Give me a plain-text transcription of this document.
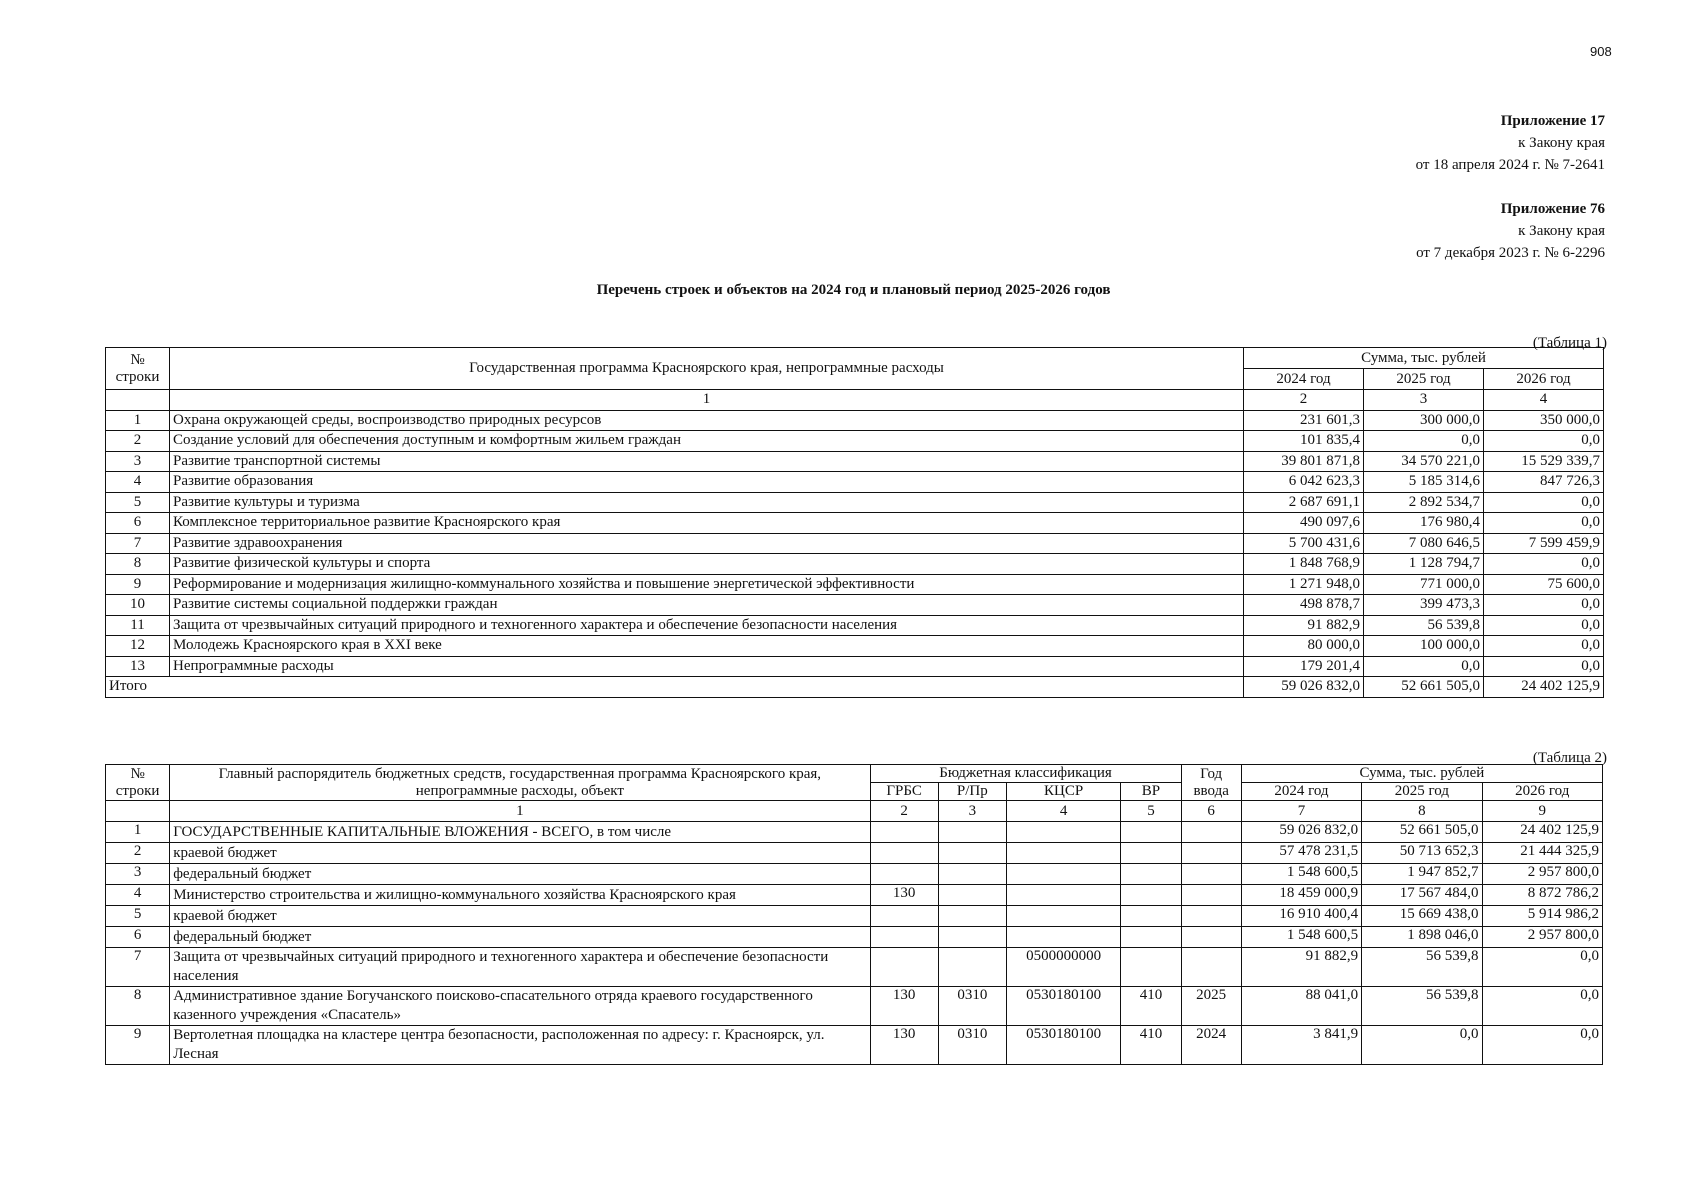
908
Приложение 17
к Закону края
от 18 апреля 2024 г. № 7-2641
Приложение 76
к Закону края
от 7 декабря 2023 г. № 6-2296
Перечень строек и объектов на 2024 год и плановый период 2025-2026 годов
(Таблица 1)
№ строки	Государственная программа Красноярского края, непрограммные расходы	Сумма, тыс. рублей		
		2024 год	2025 год	2026 год
	1	2	3	4
1	Охрана окружающей среды, воспроизводство природных ресурсов	231 601,3	300 000,0	350 000,0
2	Создание условий для обеспечения доступным и комфортным жильем граждан	101 835,4	0,0	0,0
3	Развитие транспортной системы	39 801 871,8	34 570 221,0	15 529 339,7
4	Развитие образования	6 042 623,3	5 185 314,6	847 726,3
5	Развитие культуры и туризма	2 687 691,1	2 892 534,7	0,0
6	Комплексное территориальное развитие Красноярского края	490 097,6	176 980,4	0,0
7	Развитие здравоохранения	5 700 431,6	7 080 646,5	7 599 459,9
8	Развитие физической культуры и спорта	1 848 768,9	1 128 794,7	0,0
9	Реформирование и модернизация жилищно-коммунального хозяйства и повышение энергетической эффективности	1 271 948,0	771 000,0	75 600,0
10	Развитие системы социальной поддержки граждан	498 878,7	399 473,3	0,0
11	Защита от чрезвычайных ситуаций природного и техногенного характера и обеспечение безопасности населения	91 882,9	56 539,8	0,0
12	Молодежь Красноярского края в XXI веке	80 000,0	100 000,0	0,0
13	Непрограммные расходы	179 201,4	0,0	0,0
Итого		59 026 832,0	52 661 505,0	24 402 125,9
(Таблица 2)
№ строки	Главный распорядитель бюджетных средств, государственная программа Красноярского края, непрограммные расходы, объект	Бюджетная классификация				Год ввода	Сумма, тыс. рублей		
		ГРБС	Р/Пр	КЦСР	ВР		2024 год	2025 год	2026 год
	1	2	3	4	5	6	7	8	9
1	ГОСУДАРСТВЕННЫЕ КАПИТАЛЬНЫЕ ВЛОЖЕНИЯ - ВСЕГО, в том числе						59 026 832,0	52 661 505,0	24 402 125,9
2	краевой бюджет						57 478 231,5	50 713 652,3	21 444 325,9
3	федеральный бюджет						1 548 600,5	1 947 852,7	2 957 800,0
4	Министерство строительства и жилищно-коммунального хозяйства Красноярского края	130					18 459 000,9	17 567 484,0	8 872 786,2
5	краевой бюджет						16 910 400,4	15 669 438,0	5 914 986,2
6	федеральный бюджет						1 548 600,5	1 898 046,0	2 957 800,0
7	Защита от чрезвычайных ситуаций природного и техногенного характера и обеспечение безопасности населения			0500000000			91 882,9	56 539,8	0,0
8	Административное здание Богучанского поисково-спасательного отряда краевого государственного казенного учреждения «Спасатель»	130	0310	0530180100	410	2025	88 041,0	56 539,8	0,0
9	Вертолетная площадка на кластере центра безопасности, расположенная по адресу: г. Красноярск, ул. Лесная	130	0310	0530180100	410	2024	3 841,9	0,0	0,0
